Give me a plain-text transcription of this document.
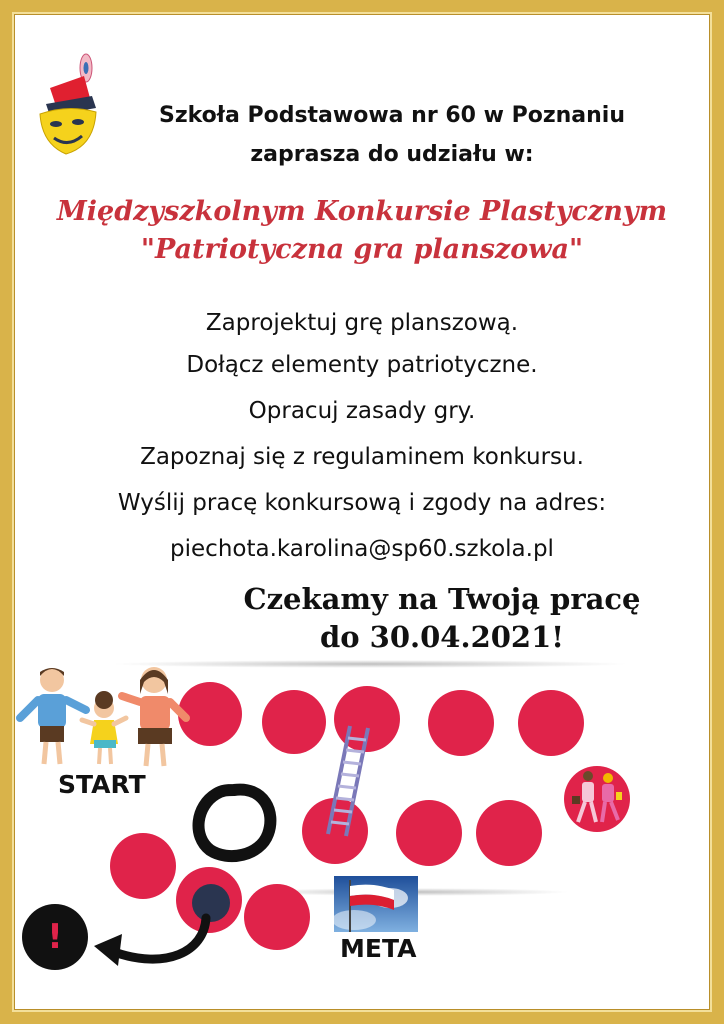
Szkoła Podstawowa nr 60 w Poznaniu
zaprasza do udziału w:
Międzyszkolnym Konkursie Plastycznym
"Patriotyczna gra planszowa"
Zaprojektuj grę planszową.
Dołącz elementy patriotyczne.
Opracuj zasady gry.
Zapoznaj się z regulaminem konkursu.
Wyślij pracę konkursową i zgody na adres:
piechota.karolina@sp60.szkola.pl
Czekamy na Twoją pracę
do 30.04.2021!
START
META
!
